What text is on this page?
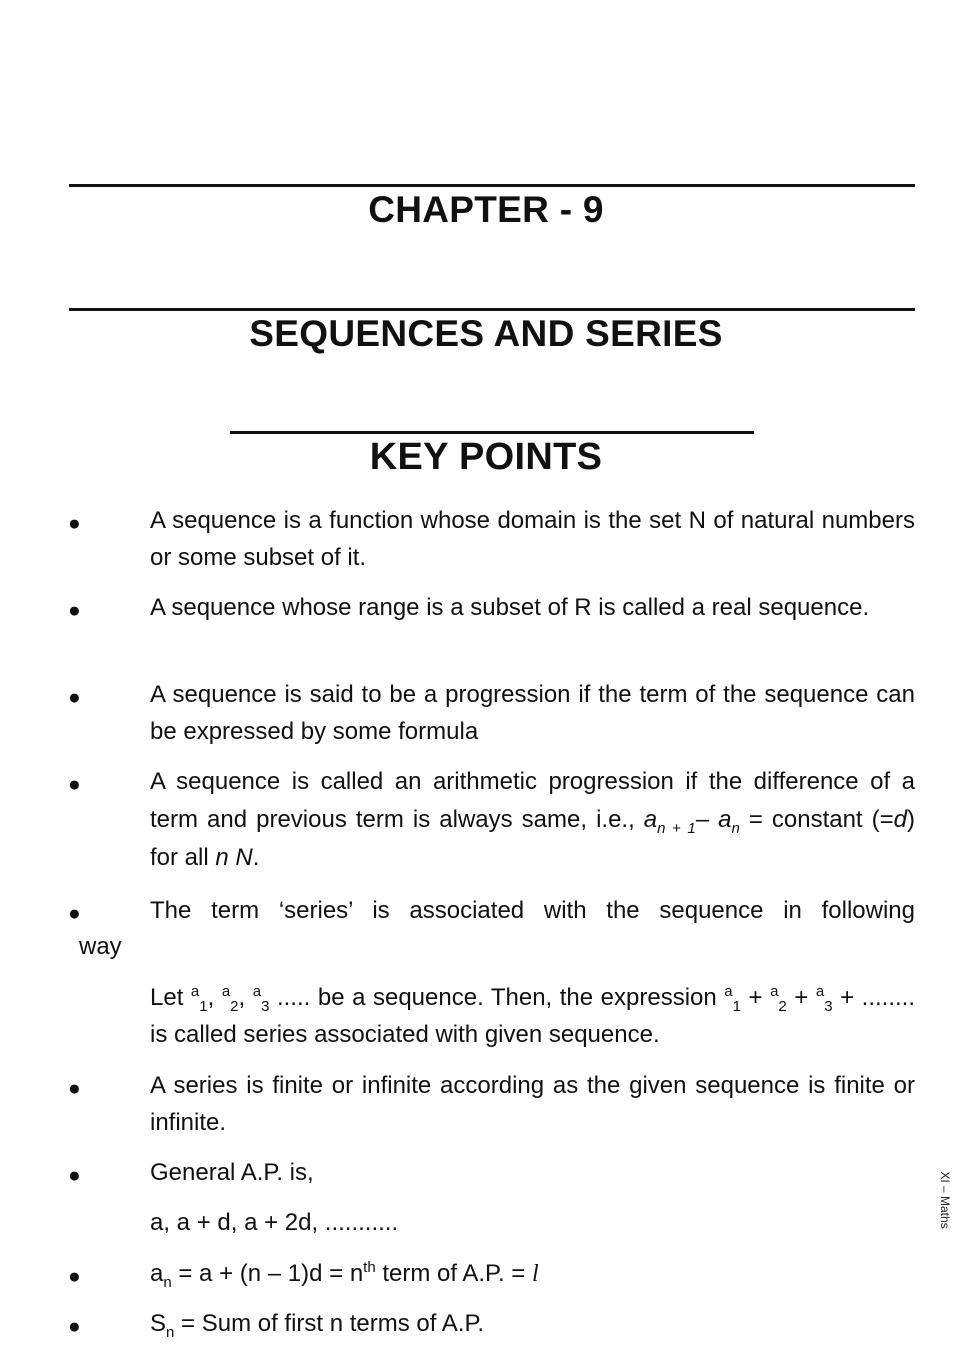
CHAPTER - 9
SEQUENCES AND SERIES
KEY POINTS
●	A sequence is a function whose domain is the set N of natural numbers or some subset of it.
●	A sequence whose range is a subset of R is called a real sequence.
●	A sequence is said to be a progression if the term of the sequence can be expressed by some formula
●	A sequence is called an arithmetic progression if the difference of a term and previous term is always same, i.e., $a_{n + 1}-$ $a_n$ = constant (=d) for all n N.
●	The term ‘series’ is associated with the sequence in following
way
Let $^a_1$, $^a_2$, $^a_3$ ..... be a sequence. Then, the expression $^a_1$ + $^a_2$ + $^a_3$ + ........ is called series associated with given sequence.
●	A series is finite or infinite according as the given sequence is finite or infinite.
●	General A.P. is,
a, a + d, a + 2d, ...........
●	$a_n = a + (n - 1)d = n^{th}$ term of A.P. = l
●	$S_n$ = Sum of first n terms of A.P.
XI – Maths
